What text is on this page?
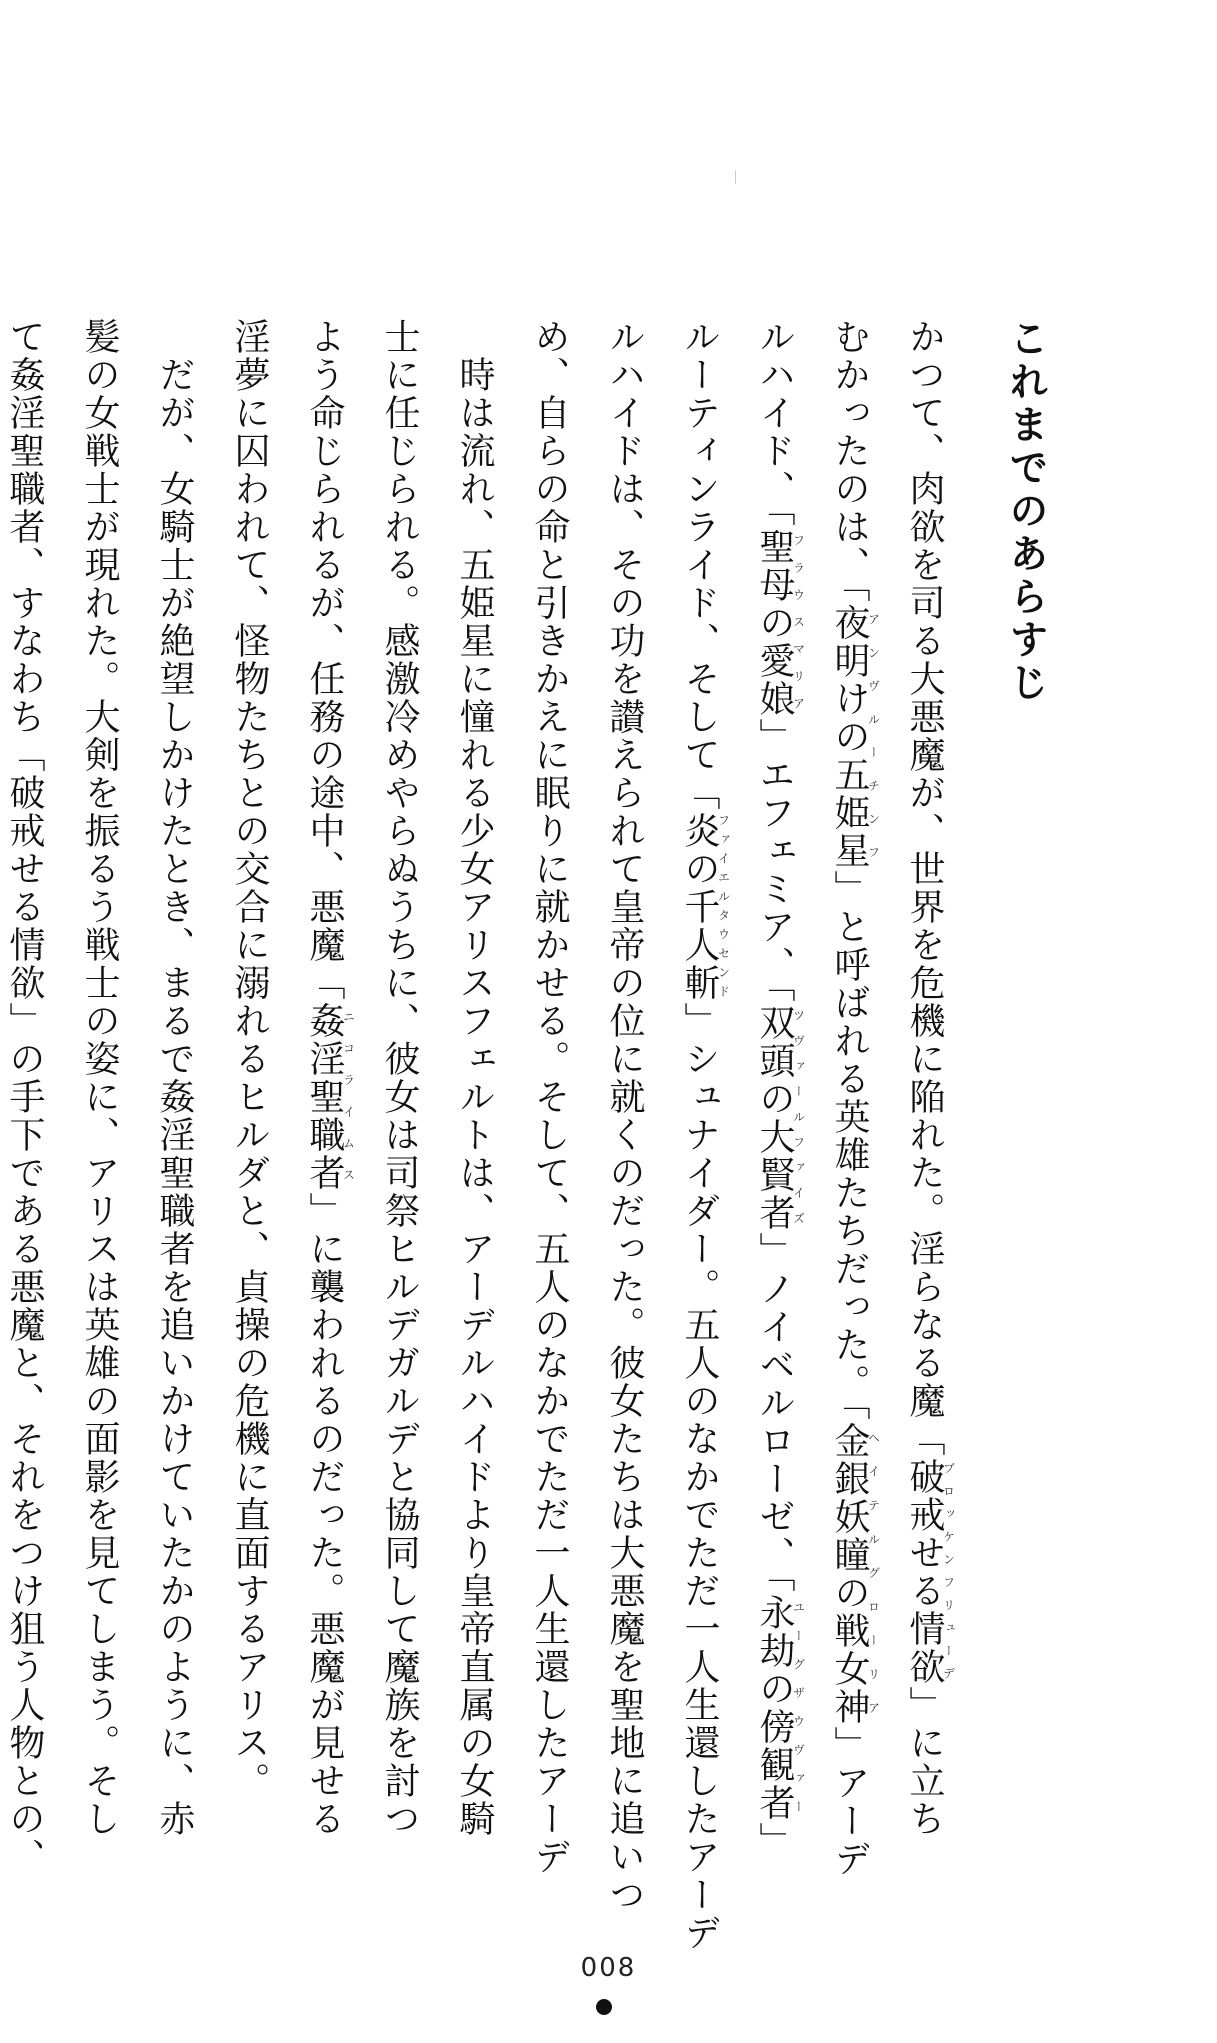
これまでのあらすじ
かつて、肉欲を司る大悪魔が、世界を危機に陥れた。淫らなる魔「破戒せる情欲ブロッケンフリューデ」に立ち
むかったのは、「夜明けの五姫星アンヴルーチンフ」と呼ばれる英雄たちだった。「金銀妖瞳の戦女神ヘイテルグローリア」アーデ
ルハイド、「聖母の愛娘フラウスマリア」エフェミア、「双頭の大賢者ツヴァールファイズ」ノイベルローゼ、「永劫の傍観者ユーグザウヴァー」
ルーティンライド、そして「炎の千人斬ファイエルタウセンド」シュナイダー。五人のなかでただ一人生還したアーデ
ルハイドは、その功を讃えられて皇帝の位に就くのだった。彼女たちは大悪魔を聖地に追いつ
め、自らの命と引きかえに眠りに就かせる。そして、五人のなかでただ一人生還したアーデ
　時は流れ、五姫星に憧れる少女アリスフェルトは、アーデルハイドより皇帝直属の女騎
士に任じられる。感激冷めやらぬうちに、彼女は司祭ヒルデガルデと協同して魔族を討つ
よう命じられるが、任務の途中、悪魔「姦淫聖職者ニコライムス」に襲われるのだった。悪魔が見せる
淫夢に囚われて、怪物たちとの交合に溺れるヒルダと、貞操の危機に直面するアリス。
　だが、女騎士が絶望しかけたとき、まるで姦淫聖職者を追いかけていたかのように、赤
髪の女戦士が現れた。大剣を振るう戦士の姿に、アリスは英雄の面影を見てしまう。そし
て姦淫聖職者、すなわち「破戒せる情欲」の手下である悪魔と、それをつけ狙う人物との、
008
